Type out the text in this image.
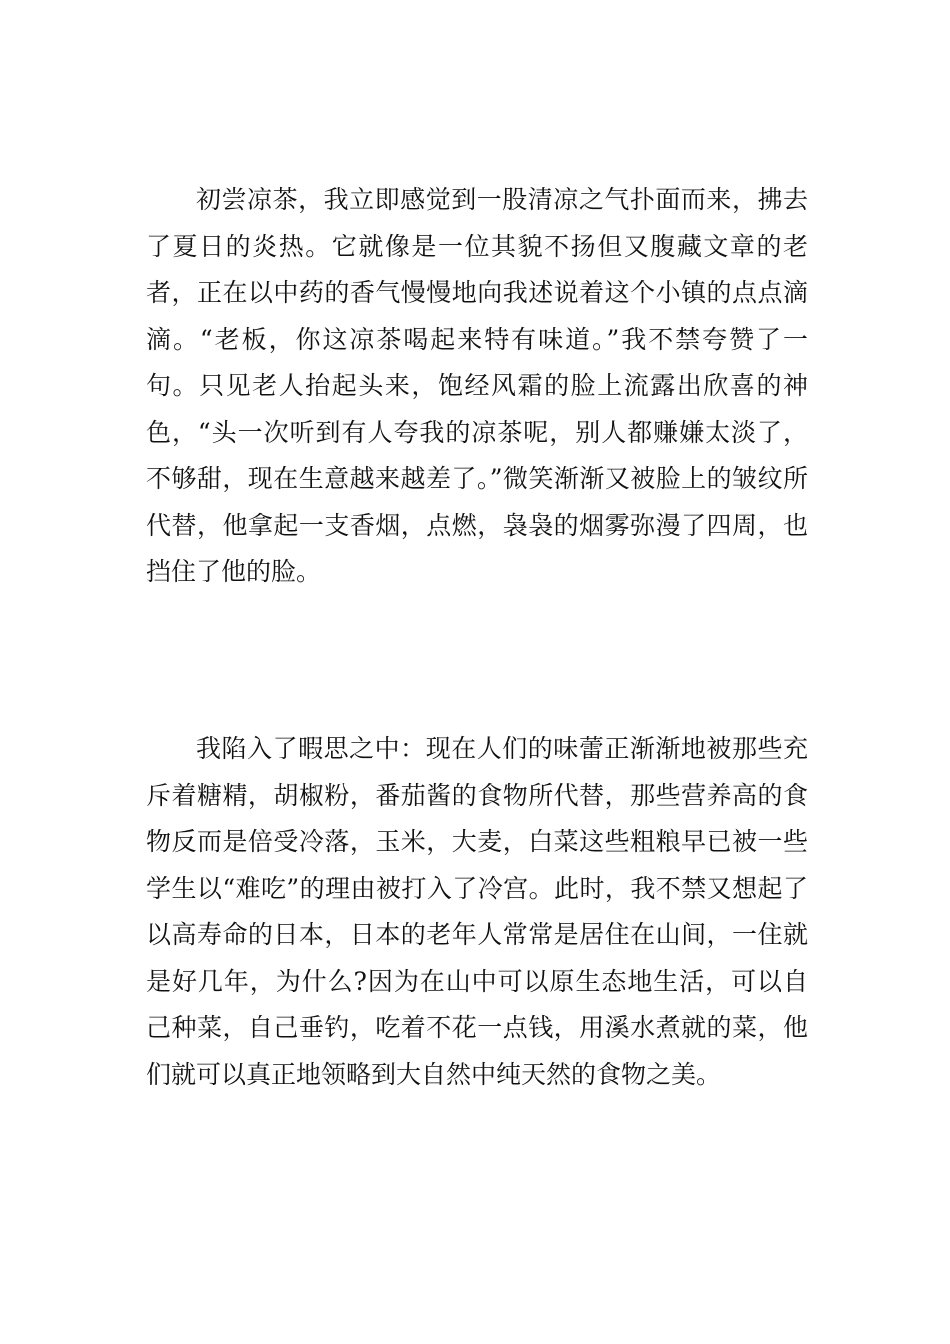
初尝凉茶，我立即感觉到一股清凉之气扑面而来，拂去了夏日的炎热。它就像是一位其貌不扬但又腹藏文章的老者，正在以中药的香气慢慢地向我述说着这个小镇的点点滴滴。“老板，你这凉茶喝起来特有味道。”我不禁夸赞了一句。只见老人抬起头来，饱经风霜的脸上流露出欣喜的神色，“头一次听到有人夸我的凉茶呢，别人都赚嫌太淡了，不够甜，现在生意越来越差了。”微笑渐渐又被脸上的皱纹所代替，他拿起一支香烟，点燃，袅袅的烟雾弥漫了四周，也挡住了他的脸。

我陷入了暇思之中：现在人们的味蕾正渐渐地被那些充斥着糖精，胡椒粉，番茄酱的食物所代替，那些营养高的食物反而是倍受冷落，玉米，大麦，白菜这些粗粮早已被一些学生以“难吃”的理由被打入了冷宫。此时，我不禁又想起了以高寿命的日本，日本的老年人常常是居住在山间，一住就是好几年，为什么?因为在山中可以原生态地生活，可以自己种菜，自己垂钓，吃着不花一点钱，用溪水煮就的菜，他们就可以真正地领略到大自然中纯天然的食物之美。
